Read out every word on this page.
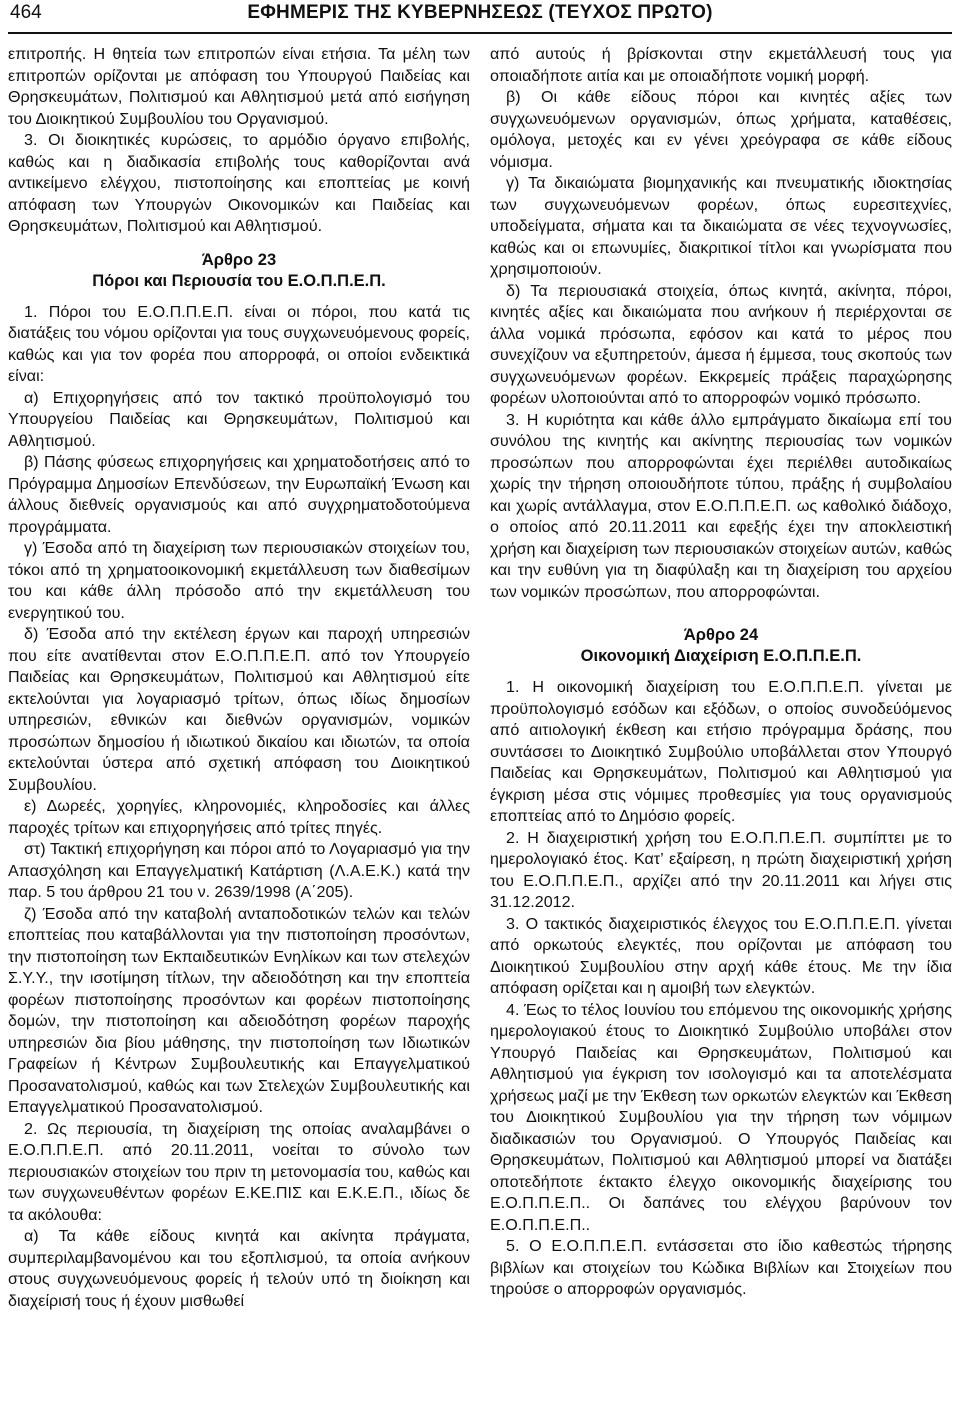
464	ΕΦΗΜΕΡΙΣ ΤΗΣ ΚΥΒΕΡΝΗΣΕΩΣ (ΤΕΥΧΟΣ ΠΡΩΤΟ)

επιτροπής. Η θητεία των επιτροπών είναι ετήσια. Τα μέλη των επιτροπών ορίζονται με απόφαση του Υπουργού Παιδείας και Θρησκευμάτων, Πολιτισμού και Αθλητισμού μετά από εισήγηση του Διοικητικού Συμβουλίου του Οργανισμού.

3. Οι διοικητικές κυρώσεις, το αρμόδιο όργανο επιβολής, καθώς και η διαδικασία επιβολής τους καθορίζονται ανά αντικείμενο ελέγχου, πιστοποίησης και εποπτείας με κοινή απόφαση των Υπουργών Οικονομικών και Παιδείας και Θρησκευμάτων, Πολιτισμού και Αθλητισμού.

Άρθρο 23
Πόροι και Περιουσία του Ε.Ο.Π.Π.Ε.Π.

1. Πόροι του Ε.Ο.Π.Π.Ε.Π. είναι οι πόροι, που κατά τις διατάξεις του νόμου ορίζονται για τους συγχωνευόμενους φορείς, καθώς και για τον φορέα που απορροφά, οι οποίοι ενδεικτικά είναι:

α) Επιχορηγήσεις από τον τακτικό προϋπολογισμό του Υπουργείου Παιδείας και Θρησκευμάτων, Πολιτισμού και Αθλητισμού.

β) Πάσης φύσεως επιχορηγήσεις και χρηματοδοτήσεις από το Πρόγραμμα Δημοσίων Επενδύσεων, την Ευρωπαϊκή Ένωση και άλλους διεθνείς οργανισμούς και από συγχρηματοδοτούμενα προγράμματα.

γ) Έσοδα από τη διαχείριση των περιουσιακών στοιχείων του, τόκοι από τη χρηματοοικονομική εκμετάλλευση των διαθεσίμων του και κάθε άλλη πρόσοδο από την εκμετάλλευση του ενεργητικού του.

δ) Έσοδα από την εκτέλεση έργων και παροχή υπηρεσιών που είτε ανατίθενται στον Ε.Ο.Π.Π.Ε.Π. από τον Υπουργείο Παιδείας και Θρησκευμάτων, Πολιτισμού και Αθλητισμού είτε εκτελούνται για λογαριασμό τρίτων, όπως ιδίως δημοσίων υπηρεσιών, εθνικών και διεθνών οργανισμών, νομικών προσώπων δημοσίου ή ιδιωτικού δικαίου και ιδιωτών, τα οποία εκτελούνται ύστερα από σχετική απόφαση του Διοικητικού Συμβουλίου.

ε) Δωρεές, χορηγίες, κληρονομιές, κληροδοσίες και άλλες παροχές τρίτων και επιχορηγήσεις από τρίτες πηγές.

στ) Τακτική επιχορήγηση και πόροι από το Λογαριασμό για την Απασχόληση και Επαγγελματική Κατάρτιση (Λ.Α.Ε.Κ.) κατά την παρ. 5 του άρθρου 21 του ν. 2639/1998 (Α΄205).

ζ) Έσοδα από την καταβολή ανταποδοτικών τελών και τελών εποπτείας που καταβάλλονται για την πιστοποίηση προσόντων, την πιστοποίηση των Εκπαιδευτικών Ενηλίκων και των στελεχών Σ.Υ.Υ., την ισοτίμηση τίτλων, την αδειοδότηση και την εποπτεία φορέων πιστοποίησης προσόντων και φορέων πιστοποίησης δομών, την πιστοποίηση και αδειοδότηση φορέων παροχής υπηρεσιών δια βίου μάθησης, την πιστοποίηση των Ιδιωτικών Γραφείων ή Κέντρων Συμβουλευτικής και Επαγγελματικού Προσανατολισμού, καθώς και των Στελεχών Συμβουλευτικής και Επαγγελματικού Προσανατολισμού.

2. Ως περιουσία, τη διαχείριση της οποίας αναλαμβάνει ο Ε.Ο.Π.Π.Ε.Π. από 20.11.2011, νοείται το σύνολο των περιουσιακών στοιχείων του πριν τη μετονομασία του, καθώς και των συγχωνευθέντων φορέων Ε.ΚΕ.ΠΙΣ και Ε.Κ.Ε.Π., ιδίως δε τα ακόλουθα:

α) Τα κάθε είδους κινητά και ακίνητα πράγματα, συμπεριλαμβανομένου και του εξοπλισμού, τα οποία ανήκουν στους συγχωνευόμενους φορείς ή τελούν υπό τη διοίκηση και διαχείρισή τους ή έχουν μισθωθεί

από αυτούς ή βρίσκονται στην εκμετάλλευσή τους για οποιαδήποτε αιτία και με οποιαδήποτε νομική μορφή.

β) Οι κάθε είδους πόροι και κινητές αξίες των συγχωνευόμενων οργανισμών, όπως χρήματα, καταθέσεις, ομόλογα, μετοχές και εν γένει χρεόγραφα σε κάθε είδους νόμισμα.

γ) Τα δικαιώματα βιομηχανικής και πνευματικής ιδιοκτησίας των συγχωνευόμενων φορέων, όπως ευρεσιτεχνίες, υποδείγματα, σήματα και τα δικαιώματα σε νέες τεχνογνωσίες, καθώς και οι επωνυμίες, διακριτικοί τίτλοι και γνωρίσματα που χρησιμοποιούν.

δ) Τα περιουσιακά στοιχεία, όπως κινητά, ακίνητα, πόροι, κινητές αξίες και δικαιώματα που ανήκουν ή περιέρχονται σε άλλα νομικά πρόσωπα, εφόσον και κατά το μέρος που συνεχίζουν να εξυπηρετούν, άμεσα ή έμμεσα, τους σκοπούς των συγχωνευόμενων φορέων. Εκκρεμείς πράξεις παραχώρησης φορέων υλοποιούνται από το απορροφών νομικό πρόσωπο.

3. Η κυριότητα και κάθε άλλο εμπράγματο δικαίωμα επί του συνόλου της κινητής και ακίνητης περιουσίας των νομικών προσώπων που απορροφώνται έχει περιέλθει αυτοδικαίως χωρίς την τήρηση οποιουδήποτε τύπου, πράξης ή συμβολαίου και χωρίς αντάλλαγμα, στον Ε.Ο.Π.Π.Ε.Π. ως καθολικό διάδοχο, ο οποίος από 20.11.2011 και εφεξής έχει την αποκλειστική χρήση και διαχείριση των περιουσιακών στοιχείων αυτών, καθώς και την ευθύνη για τη διαφύλαξη και τη διαχείριση του αρχείου των νομικών προσώπων, που απορροφώνται.

Άρθρο 24
Οικονομική Διαχείριση Ε.Ο.Π.Π.Ε.Π.

1. Η οικονομική διαχείριση του Ε.Ο.Π.Π.Ε.Π. γίνεται με προϋπολογισμό εσόδων και εξόδων, ο οποίος συνοδεύόμενος από αιτιολογική έκθεση και ετήσιο πρόγραμμα δράσης, που συντάσσει το Διοικητικό Συμβούλιο υποβάλλεται στον Υπουργό Παιδείας και Θρησκευμάτων, Πολιτισμού και Αθλητισμού για έγκριση μέσα στις νόμιμες προθεσμίες για τους οργανισμούς εποπτείας από το Δημόσιο φορείς.

2. Η διαχειριστική χρήση του Ε.Ο.Π.Π.Ε.Π. συμπίπτει με το ημερολογιακό έτος. Κατ’ εξαίρεση, η πρώτη διαχειριστική χρήση του Ε.Ο.Π.Π.Ε.Π., αρχίζει από την 20.11.2011 και λήγει στις 31.12.2012.

3. Ο τακτικός διαχειριστικός έλεγχος του Ε.Ο.Π.Π.Ε.Π. γίνεται από ορκωτούς ελεγκτές, που ορίζονται με απόφαση του Διοικητικού Συμβουλίου στην αρχή κάθε έτους. Με την ίδια απόφαση ορίζεται και η αμοιβή των ελεγκτών.

4. Έως το τέλος Ιουνίου του επόμενου της οικονομικής χρήσης ημερολογιακού έτους το Διοικητικό Συμβούλιο υποβάλει στον Υπουργό Παιδείας και Θρησκευμάτων, Πολιτισμού και Αθλητισμού για έγκριση τον ισολογισμό και τα αποτελέσματα χρήσεως μαζί με την Έκθεση των ορκωτών ελεγκτών και Έκθεση του Διοικητικού Συμβουλίου για την τήρηση των νόμιμων διαδικασιών του Οργανισμού. Ο Υπουργός Παιδείας και Θρησκευμάτων, Πολιτισμού και Αθλητισμού μπορεί να διατάξει οποτεδήποτε έκτακτο έλεγχο οικονομικής διαχείρισης του Ε.Ο.Π.Π.Ε.Π.. Οι δαπάνες του ελέγχου βαρύνουν τον Ε.Ο.Π.Π.Ε.Π..

5. Ο Ε.Ο.Π.Π.Ε.Π. εντάσσεται στο ίδιο καθεστώς τήρησης βιβλίων και στοιχείων του Κώδικα Βιβλίων και Στοιχείων που τηρούσε ο απορροφών οργανισμός.
